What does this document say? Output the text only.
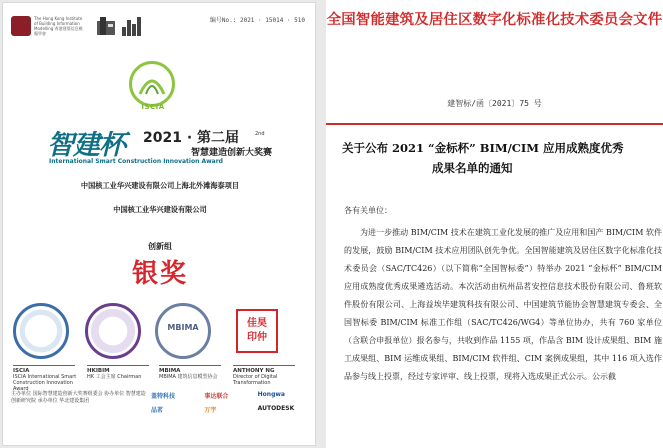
The Hong Kong Institute of Building Information Modelling 香港建築信息模擬學會
编号No.: 2021 · 15014 · 510
ISCIA
智建杯 2021 · 第二届	2nd
智慧建造创新大奖赛
International Smart Construction Innovation Award
中国核工业华兴建设有限公司上海北外滩海泰项目
中国核工业华兴建设有限公司
创新组
银奖
MBIMA	佳昊
印仲
ISCIA
ISCIA International Smart Construction Innovation Award
HKIBIM
HK 工会主席 Chairman
MBIMA
MBIMA 建筑信息模型协会
ANTHONY NG
Director of Digital Transformation
主办单位 国际智慧建造创新大奖赛组委会 协办单位 智慧建造创新研究院 承办单位 华北建设集团
盖特科技	事达联合	Hongwa
品茗	万宇	AUTODESK
全国智能建筑及居住区数字化标准化技术委员会文件
建智标/函〔2021〕75 号
关于公布 2021 “金标杯” BIM/CIM 应用成熟度优秀
成果名单的通知
各有关单位：

为进一步推动 BIM/CIM 技术在建筑工业化发展的推广及应用和国产 BIM/CIM 软件的发展，鼓励 BIM/CIM 技术应用团队创先争优。全国智能建筑及居住区数字化标准化技术委员会（SAC/TC426）（以下简称“全国智标委”）特举办 2021 “金标杯” BIM/CIM 应用成熟度优秀成果遴选活动。本次活动由杭州品茗安控信息技术股份有限公司、鲁班软件股份有限公司、上海益埃毕建筑科技有限公司、中国建筑节能协会智慧建筑专委会、全国智标委 BIM/CIM 标准工作组（SAC/TC426/WG4）等单位协办，共有 760 家单位（含联合申报单位）报名参与，共收到作品 1155 项，作品含 BIM 设计成果组、BIM 施工成果组、BIM 运维成果组、BIM/CIM 软件组、CIM 案例成果组，其中 116 项入选作品参与线上投票，经过专家评审、线上投票，现将入选成果正式公示。公示截
